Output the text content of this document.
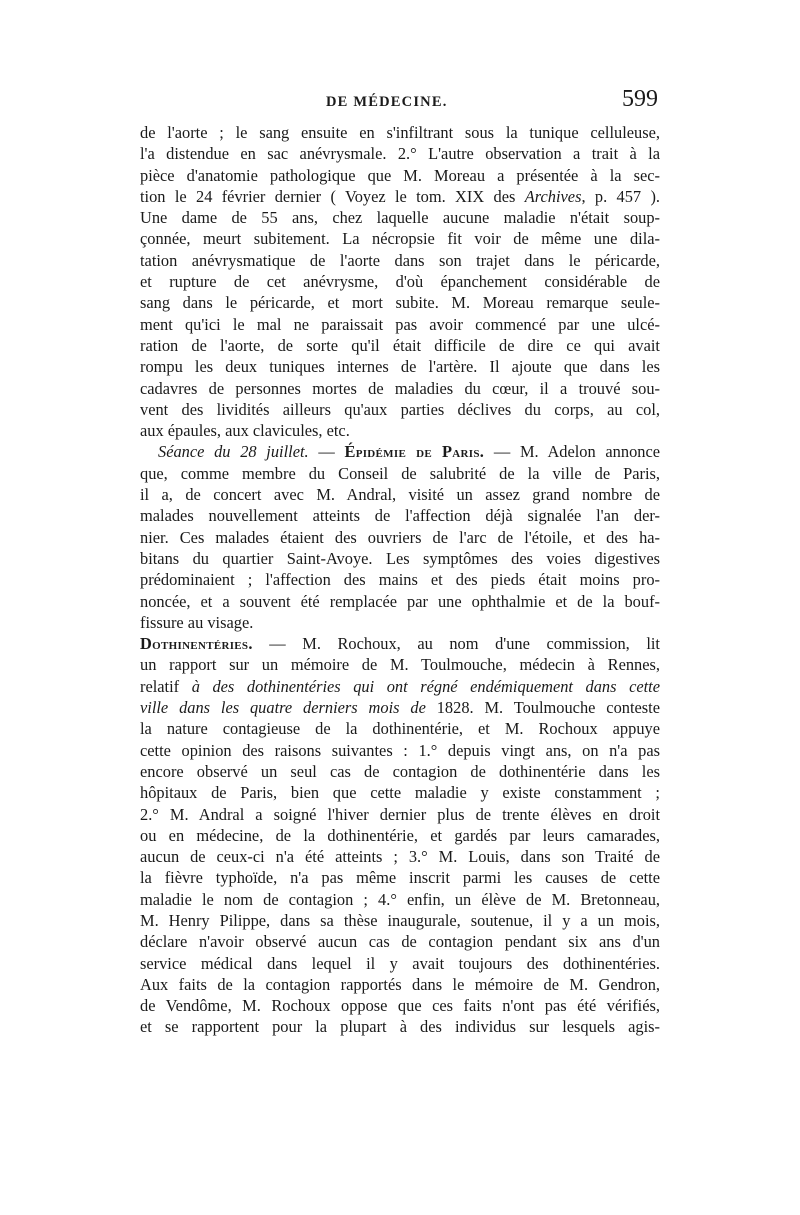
DE MÉDECINE.	599
de l'aorte ; le sang ensuite en s'infiltrant sous la tunique celluleuse,
l'a distendue en sac anévrysmale. 2.° L'autre observation a trait à la
pièce d'anatomie pathologique que M. Moreau a présentée à la sec-
tion le 24 février dernier ( Voyez le tom. XIX des Archives, p. 457 ).
Une dame de 55 ans, chez laquelle aucune maladie n'était soup-
çonnée, meurt subitement. La nécropsie fit voir de même une dila-
tation anévrysmatique de l'aorte dans son trajet dans le péricarde,
et rupture de cet anévrysme, d'où épanchement considérable de
sang dans le péricarde, et mort subite. M. Moreau remarque seule-
ment qu'ici le mal ne paraissait pas avoir commencé par une ulcé-
ration de l'aorte, de sorte qu'il était difficile de dire ce qui avait
rompu les deux tuniques internes de l'artère. Il ajoute que dans les
cadavres de personnes mortes de maladies du cœur, il a trouvé sou-
vent des lividités ailleurs qu'aux parties déclives du corps, au col,
aux épaules, aux clavicules, etc.
Séance du 28 juillet. — Épidémie de Paris. — M. Adelon annonce
que, comme membre du Conseil de salubrité de la ville de Paris,
il a, de concert avec M. Andral, visité un assez grand nombre de
malades nouvellement atteints de l'affection déjà signalée l'an der-
nier. Ces malades étaient des ouvriers de l'arc de l'étoile, et des ha-
bitans du quartier Saint-Avoye. Les symptômes des voies digestives
prédominaient ; l'affection des mains et des pieds était moins pro-
noncée, et a souvent été remplacée par une ophthalmie et de la bouf-
fissure au visage.
Dothinentéries. — M. Rochoux, au nom d'une commission, lit
un rapport sur un mémoire de M. Toulmouche, médecin à Rennes,
relatif à des dothinentéries qui ont régné endémiquement dans cette
ville dans les quatre derniers mois de 1828. M. Toulmouche conteste
la nature contagieuse de la dothinentérie, et M. Rochoux appuye
cette opinion des raisons suivantes : 1.° depuis vingt ans, on n'a pas
encore observé un seul cas de contagion de dothinentérie dans les
hôpitaux de Paris, bien que cette maladie y existe constamment ;
2.° M. Andral a soigné l'hiver dernier plus de trente élèves en droit
ou en médecine, de la dothinentérie, et gardés par leurs camarades,
aucun de ceux-ci n'a été atteints ; 3.° M. Louis, dans son Traité de
la fièvre typhoïde, n'a pas même inscrit parmi les causes de cette
maladie le nom de contagion ; 4.° enfin, un élève de M. Bretonneau,
M. Henry Pilippe, dans sa thèse inaugurale, soutenue, il y a un mois,
déclare n'avoir observé aucun cas de contagion pendant six ans d'un
service médical dans lequel il y avait toujours des dothinentéries.
Aux faits de la contagion rapportés dans le mémoire de M. Gendron,
de Vendôme, M. Rochoux oppose que ces faits n'ont pas été vérifiés,
et se rapportent pour la plupart à des individus sur lesquels agis-
